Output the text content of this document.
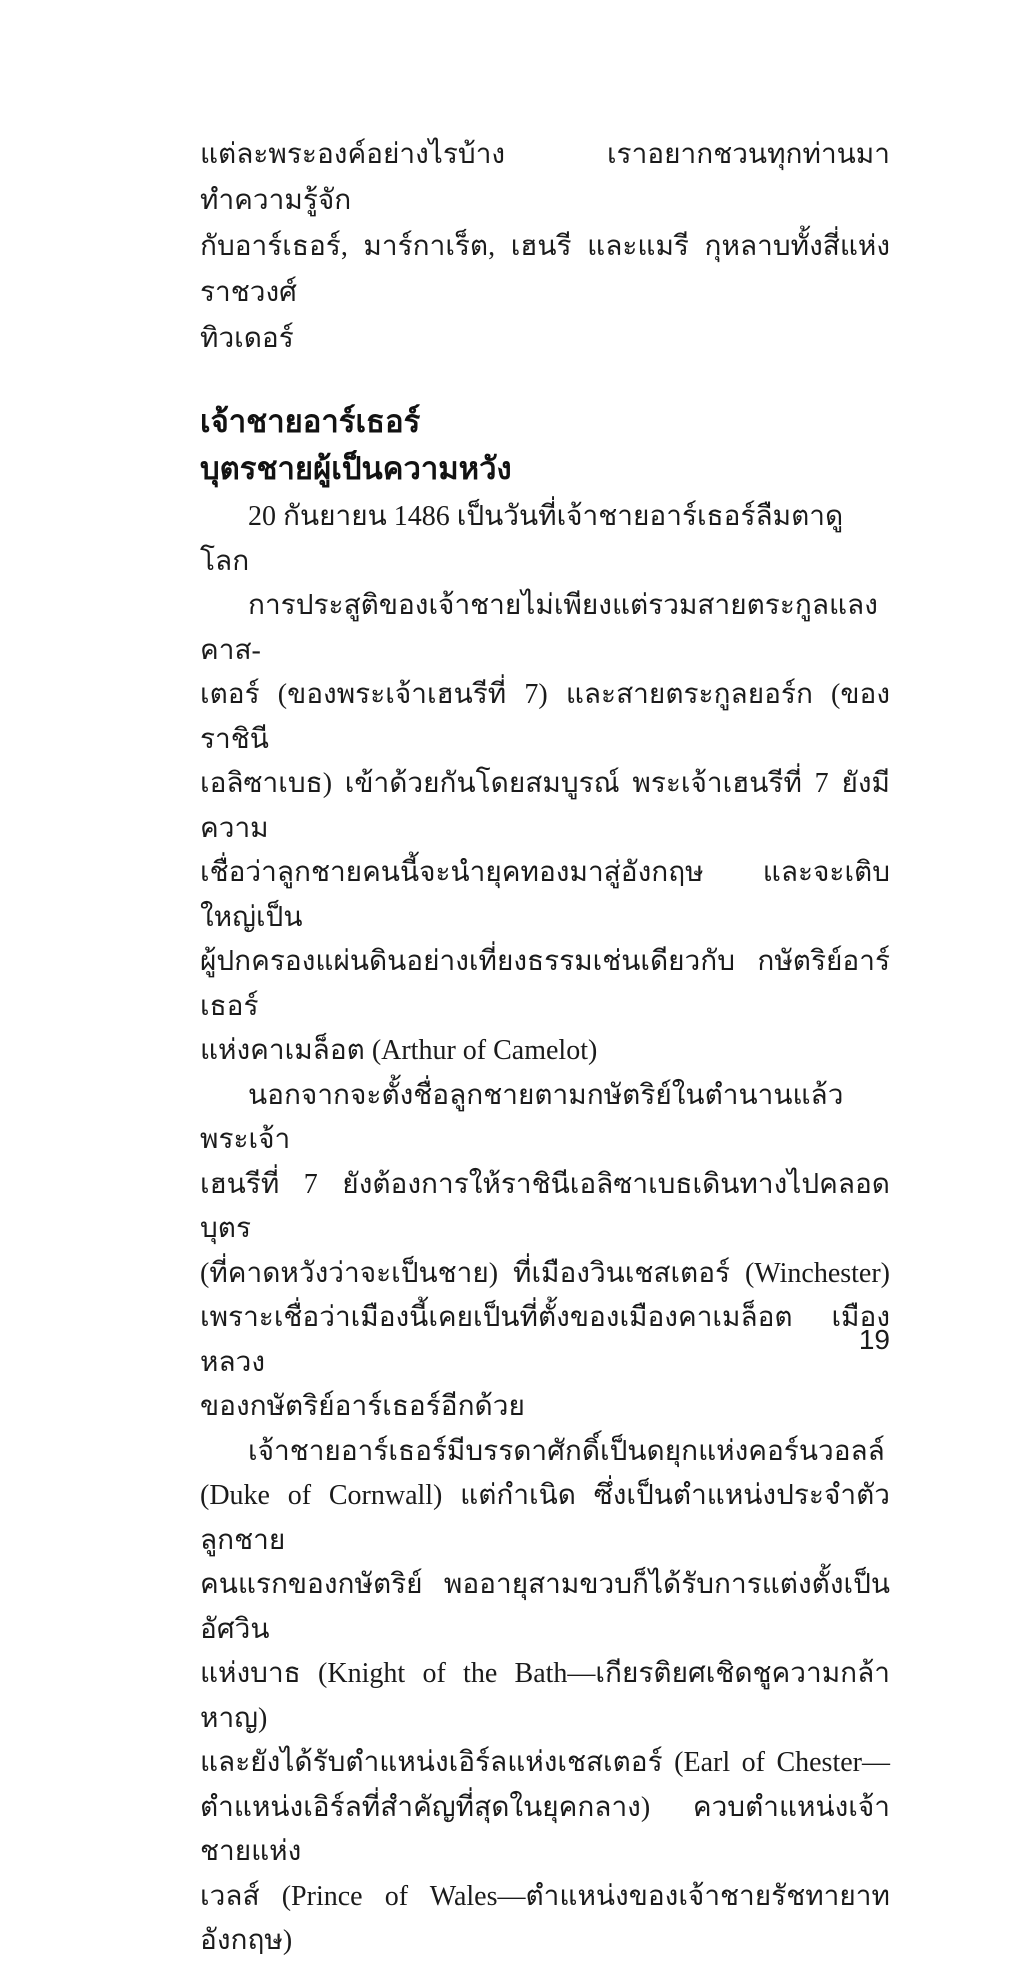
แต่ละพระองค์อย่างไรบ้าง เราอยากชวนทุกท่านมาทำความรู้จัก
กับอาร์เธอร์, มาร์กาเร็ต, เฮนรี และแมรี กุหลาบทั้งสี่แห่งราชวงศ์
ทิวเดอร์
เจ้าชายอาร์เธอร์
บุตรชายผู้เป็นความหวัง
20 กันยายน 1486 เป็นวันที่เจ้าชายอาร์เธอร์ลืมตาดูโลก
การประสูติของเจ้าชายไม่เพียงแต่รวมสายตระกูลแลงคาส-
เตอร์ (ของพระเจ้าเฮนรีที่ 7) และสายตระกูลยอร์ก (ของราชินี
เอลิซาเบธ) เข้าด้วยกันโดยสมบูรณ์ พระเจ้าเฮนรีที่ 7 ยังมีความ
เชื่อว่าลูกชายคนนี้จะนำยุคทองมาสู่อังกฤษ และจะเติบใหญ่เป็น
ผู้ปกครองแผ่นดินอย่างเที่ยงธรรมเช่นเดียวกับ กษัตริย์อาร์เธอร์
แห่งคาเมล็อต (Arthur of Camelot)
นอกจากจะตั้งชื่อลูกชายตามกษัตริย์ในตำนานแล้ว พระเจ้า
เฮนรีที่ 7 ยังต้องการให้ราชินีเอลิซาเบธเดินทางไปคลอดบุตร
(ที่คาดหวังว่าจะเป็นชาย) ที่เมืองวินเชสเตอร์ (Winchester)
เพราะเชื่อว่าเมืองนี้เคยเป็นที่ตั้งของเมืองคาเมล็อต เมืองหลวง
ของกษัตริย์อาร์เธอร์อีกด้วย
เจ้าชายอาร์เธอร์มีบรรดาศักดิ์เป็นดยุกแห่งคอร์นวอลล์
(Duke of Cornwall) แต่กำเนิด ซึ่งเป็นตำแหน่งประจำตัวลูกชาย
คนแรกของกษัตริย์ พออายุสามขวบก็ได้รับการแต่งตั้งเป็นอัศวิน
แห่งบาธ (Knight of the Bath—เกียรติยศเชิดชูความกล้าหาญ)
และยังได้รับตำแหน่งเอิร์ลแห่งเชสเตอร์ (Earl of Chester—
ตำแหน่งเอิร์ลที่สำคัญที่สุดในยุคกลาง) ควบตำแหน่งเจ้าชายแห่ง
เวลส์ (Prince of Wales—ตำแหน่งของเจ้าชายรัชทายาทอังกฤษ)
19
